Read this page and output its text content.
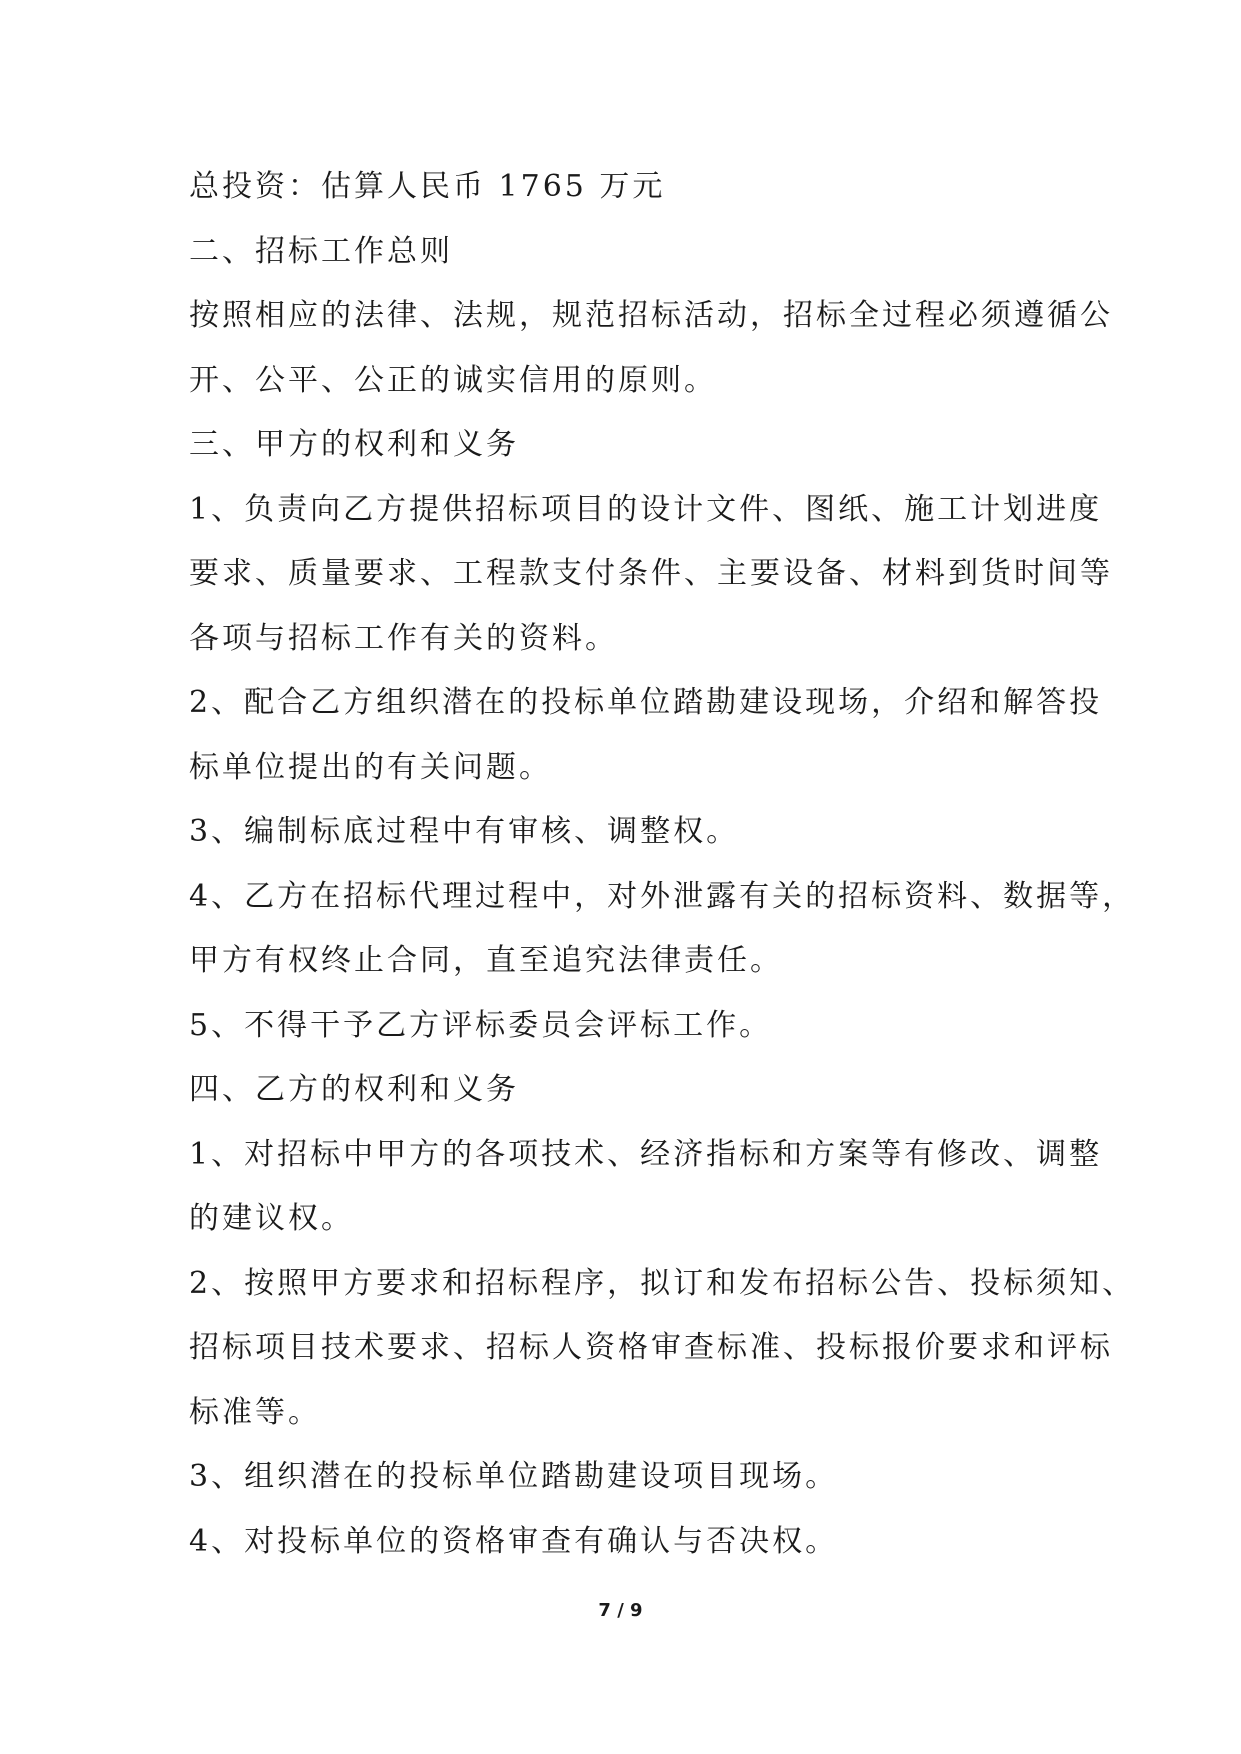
总投资：估算人民币 1765 万元
二、招标工作总则
按照相应的法律、法规，规范招标活动，招标全过程必须遵循公
开、公平、公正的诚实信用的原则。
三、甲方的权利和义务
1、负责向乙方提供招标项目的设计文件、图纸、施工计划进度
要求、质量要求、工程款支付条件、主要设备、材料到货时间等
各项与招标工作有关的资料。
2、配合乙方组织潜在的投标单位踏勘建设现场，介绍和解答投
标单位提出的有关问题。
3、编制标底过程中有审核、调整权。
4、乙方在招标代理过程中，对外泄露有关的招标资料、数据等，
甲方有权终止合同，直至追究法律责任。
5、不得干予乙方评标委员会评标工作。
四、乙方的权利和义务
1、对招标中甲方的各项技术、经济指标和方案等有修改、调整
的建议权。
2、按照甲方要求和招标程序，拟订和发布招标公告、投标须知、
招标项目技术要求、招标人资格审查标准、投标报价要求和评标
标准等。
3、组织潜在的投标单位踏勘建设项目现场。
4、对投标单位的资格审查有确认与否决权。
7 / 9
